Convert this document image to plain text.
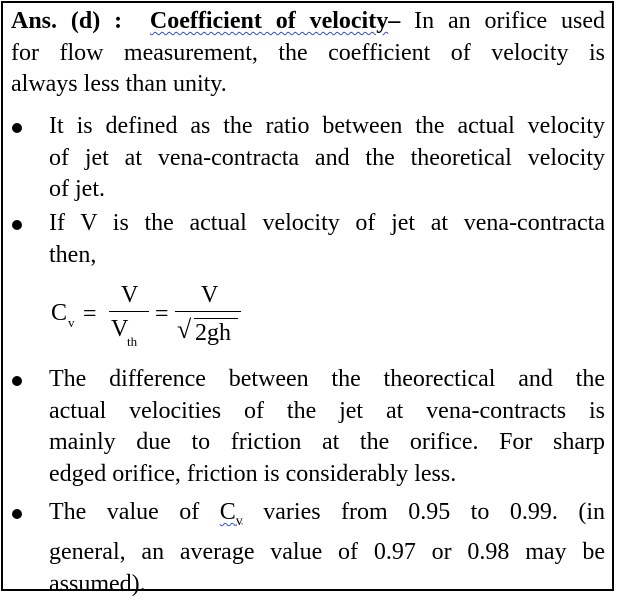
Ans. (d) : Coefficient of velocity– In an orifice used
for flow measurement, the coefficient of velocity is
always less than unity.
It is defined as the ratio between the actual velocity
of jet at vena-contracta and the theoretical velocity
of jet.
If V is the actual velocity of jet at vena-contracta
then,
C v =
V
V
th
=
V
√ 2gh
The difference between the theorectical and the
actual velocities of the jet at vena-contracts is
mainly due to friction at the orifice. For sharp
edged orifice, friction is considerably less.
The value of $C_v$ varies from 0.95 to 0.99. (in
general, an average value of 0.97 or 0.98 may be
assumed).
